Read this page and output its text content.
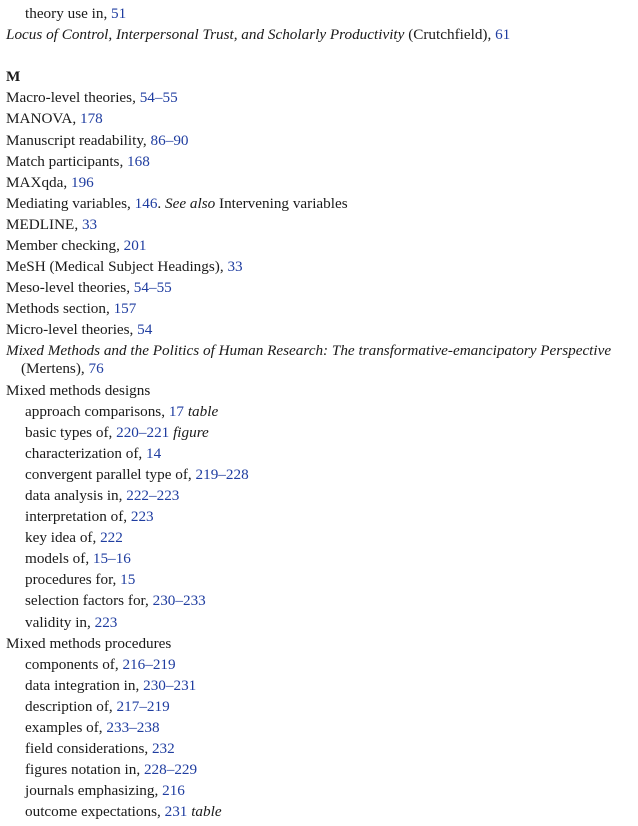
theory use in, 51
Locus of Control, Interpersonal Trust, and Scholarly Productivity (Crutchfield), 61
M
Macro-level theories, 54–55
MANOVA, 178
Manuscript readability, 86–90
Match participants, 168
MAXqda, 196
Mediating variables, 146. See also Intervening variables
MEDLINE, 33
Member checking, 201
MeSH (Medical Subject Headings), 33
Meso-level theories, 54–55
Methods section, 157
Micro-level theories, 54
Mixed Methods and the Politics of Human Research: The transformative-emancipatory Perspective (Mertens), 76
Mixed methods designs
approach comparisons, 17 table
basic types of, 220–221 figure
characterization of, 14
convergent parallel type of, 219–228
data analysis in, 222–223
interpretation of, 223
key idea of, 222
models of, 15–16
procedures for, 15
selection factors for, 230–233
validity in, 223
Mixed methods procedures
components of, 216–219
data integration in, 230–231
description of, 217–219
examples of, 233–238
field considerations, 232
figures notation in, 228–229
journals emphasizing, 216
outcome expectations, 231 table
